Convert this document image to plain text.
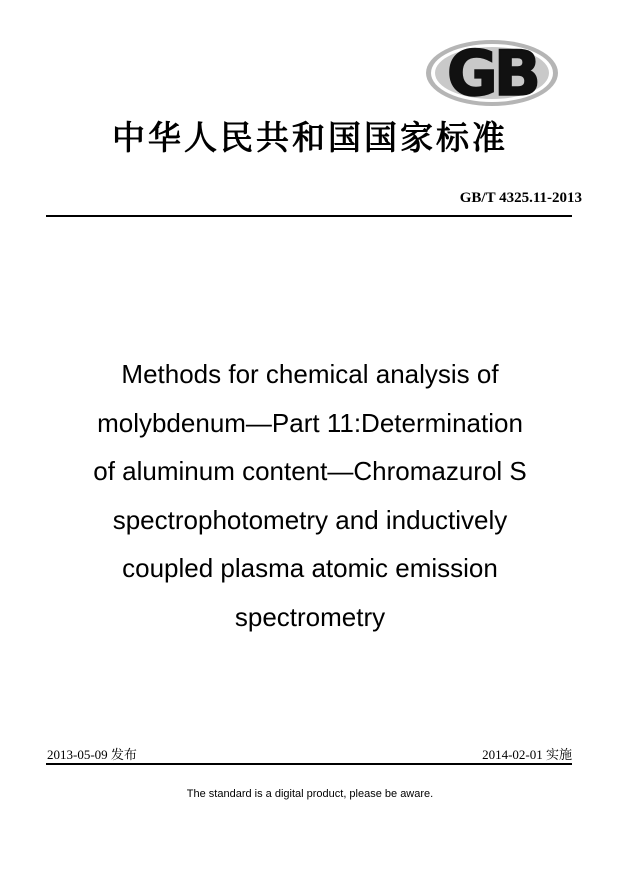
GB
中华人民共和国国家标准
GB/T 4325.11-2013
Methods for chemical analysis of
molybdenum—Part 11:Determination
of aluminum content—Chromazurol S
spectrophotometry and inductively
coupled plasma atomic emission
spectrometry
2013-05-09 发布	2014-02-01 实施
The standard is a digital product, please be aware.
